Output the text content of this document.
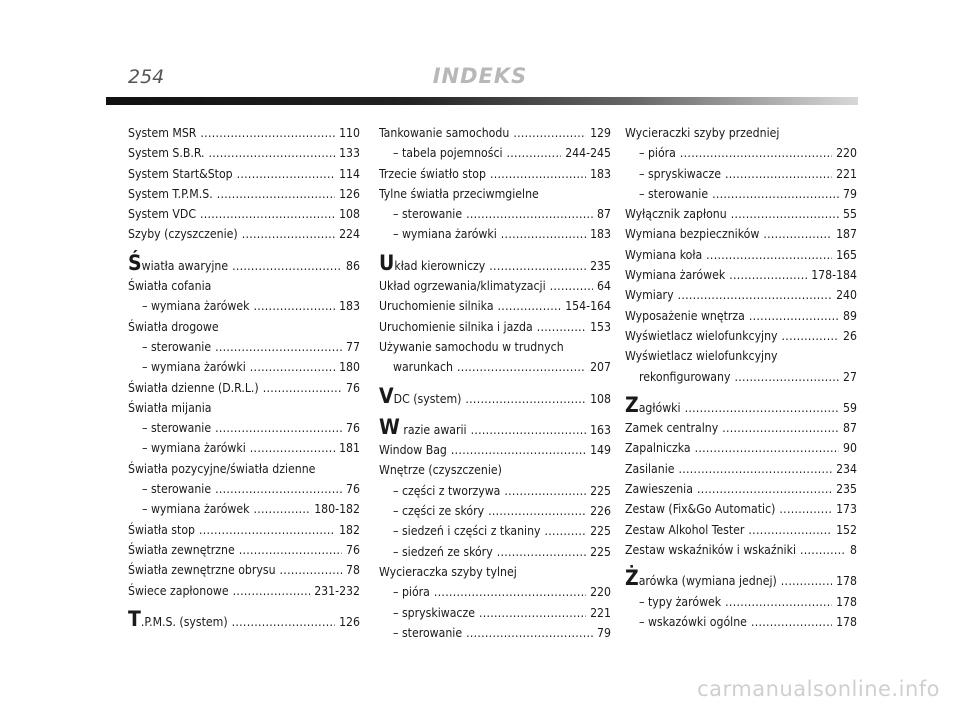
254	INDEKS
System MSR . . .	110
System S.B.R. . . .	133
System Start&Stop . . .	114
System T.P.M.S. . . .	126
System VDC . . .	108
Szyby (czyszczenie) . . .	224
Światła awaryjne . . .	86
Światła cofania
– wymiana żarówek . . .	183
Światła drogowe
– sterowanie . . .	77
– wymiana żarówki . . .	180
Światła dzienne (D.R.L.) . . .	76
Światła mijania
– sterowanie . . .	76
– wymiana żarówki . . .	181
Światła pozycyjne/światła dzienne
– sterowanie . . .	76
– wymiana żarówek . . .	180-182
Światła stop . . .	182
Światła zewnętrzne . . .	76
Światła zewnętrzne obrysu . . .	78
Świece zapłonowe . . .	231-232
T.P.M.S. (system) . . .	126
Tankowanie samochodu . . .	129
– tabela pojemności . . .	244-245
Trzecie światło stop . . .	183
Tylne światła przeciwmgielne
– sterowanie . . .	87
– wymiana żarówki . . .	183
Układ kierowniczy . . .	235
Układ ogrzewania/klimatyzacji . . .	64
Uruchomienie silnika . . .	154-164
Uruchomienie silnika i jazda . . .	153
Używanie samochodu w trudnych
warunkach . . .	207
VDC (system) . . .	108
W razie awarii . . .	163
Window Bag . . .	149
Wnętrze (czyszczenie)
– części z tworzywa . . .	225
– części ze skóry . . .	226
– siedzeń i części z tkaniny . . .	225
– siedzeń ze skóry . . .	225
Wycieraczka szyby tylnej
– pióra . . .	220
– spryskiwacze . . .	221
– sterowanie . . .	79
Wycieraczki szyby przedniej
– pióra . . .	220
– spryskiwacze . . .	221
– sterowanie . . .	79
Wyłącznik zapłonu . . .	55
Wymiana bezpieczników . . .	187
Wymiana koła . . .	165
Wymiana żarówek . . .	178-184
Wymiary . . .	240
Wyposażenie wnętrza . . .	89
Wyświetlacz wielofunkcyjny . . .	26
Wyświetlacz wielofunkcyjny
rekonfigurowany . . .	27
Zagłówki . . .	59
Zamek centralny . . .	87
Zapalniczka . . .	90
Zasilanie . . .	234
Zawieszenia . . .	235
Zestaw (Fix&Go Automatic) . . .	173
Zestaw Alkohol Tester . . .	152
Zestaw wskaźników i wskaźniki . . .	8
Żarówka (wymiana jednej) . . .	178
– typy żarówek . . .	178
– wskazówki ogólne . . .	178
carmanualsonline.info
